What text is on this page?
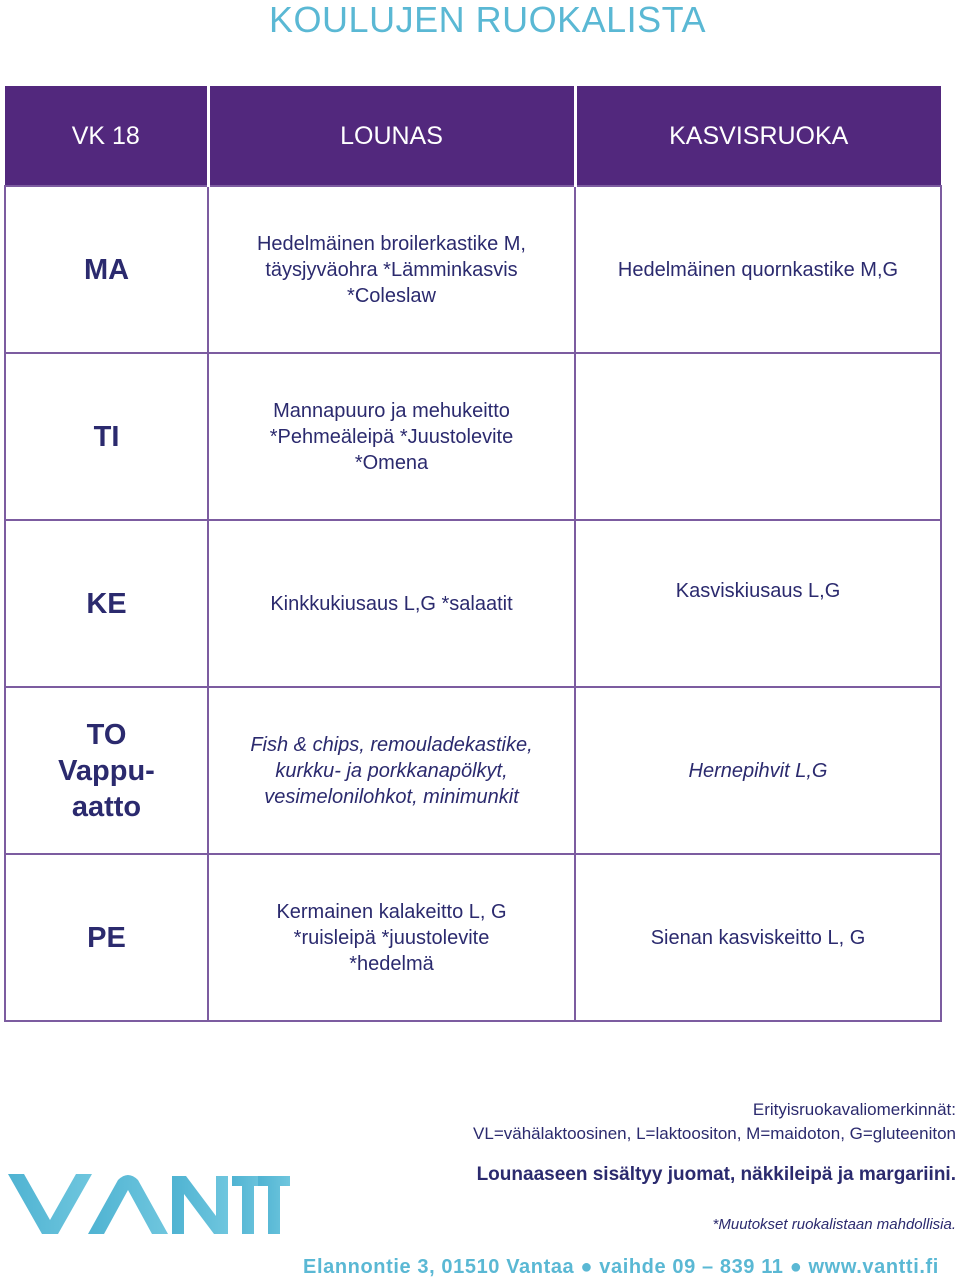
KOULUJEN RUOKALISTA
VK 18	LOUNAS	KASVISRUOKA

MA	Hedelmäinen broilerkastike M,
täysjyväohra *Lämminkasvis
*Coleslaw	Hedelmäinen quornkastike M,G

TI	Mannapuuro ja mehukeitto
*Pehmeäleipä *Juustolevite
*Omena	

KE	Kinkkukiusaus L,G *salaatit	Kasviskiusaus L,G

TO
Vappu-
aatto	Fish & chips, remouladekastike,
kurkku- ja porkkanapölkyt,
vesimelonilohkot, minimunkit	Hernepihvit L,G

PE	Kermainen kalakeitto L, G
*ruisleipä *juustolevite
*hedelmä	Sienan kasviskeitto L, G
Erityisruokavaliomerkinnät:
VL=vähälaktoosinen, L=laktoositon, M=maidoton, G=gluteeniton
Lounaaseen sisältyy juomat, näkkileipä ja margariini.
*Muutokset ruokalistaan mahdollisia.
Elannontie 3, 01510 Vantaa ● vaihde 09 – 839 11 ● www.vantti.fi
